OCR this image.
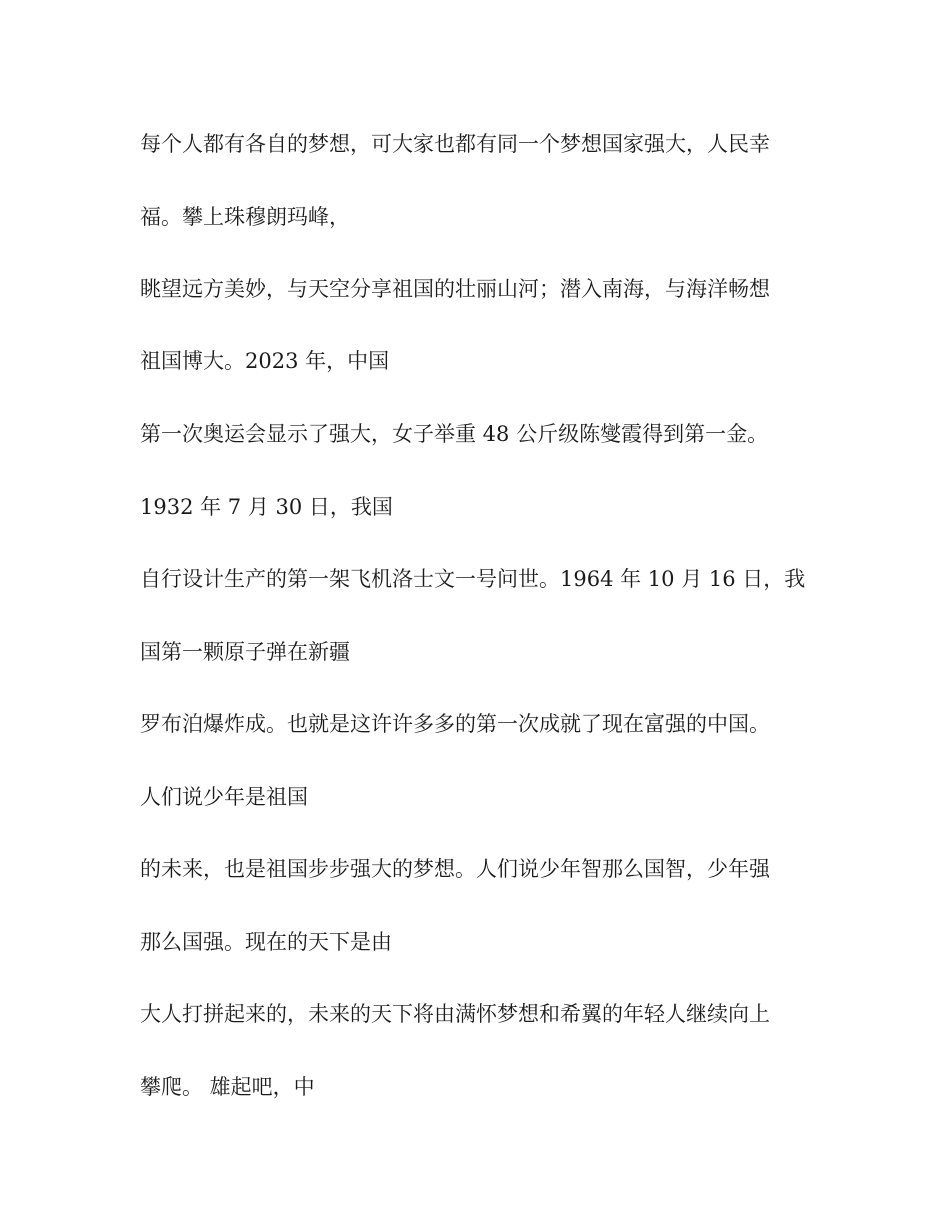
每个人都有各自的梦想，可大家也都有同一个梦想国家强大，人民幸
福。攀上珠穆朗玛峰，
眺望远方美妙，与天空分享祖国的壮丽山河；潜入南海，与海洋畅想
祖国博大。2023 年，中国
第一次奥运会显示了强大，女子举重 48 公斤级陈燮霞得到第一金。
1932 年 7 月 30 日，我国
自行设计生产的第一架飞机洛士文一号问世。1964 年 10 月 16 日，我
国第一颗原子弹在新疆
罗布泊爆炸成。也就是这许许多多的第一次成就了现在富强的中国。
人们说少年是祖国
的未来，也是祖国步步强大的梦想。人们说少年智那么国智，少年强
那么国强。现在的天下是由
大人打拼起来的，未来的天下将由满怀梦想和希翼的年轻人继续向上
攀爬。 雄起吧，中
